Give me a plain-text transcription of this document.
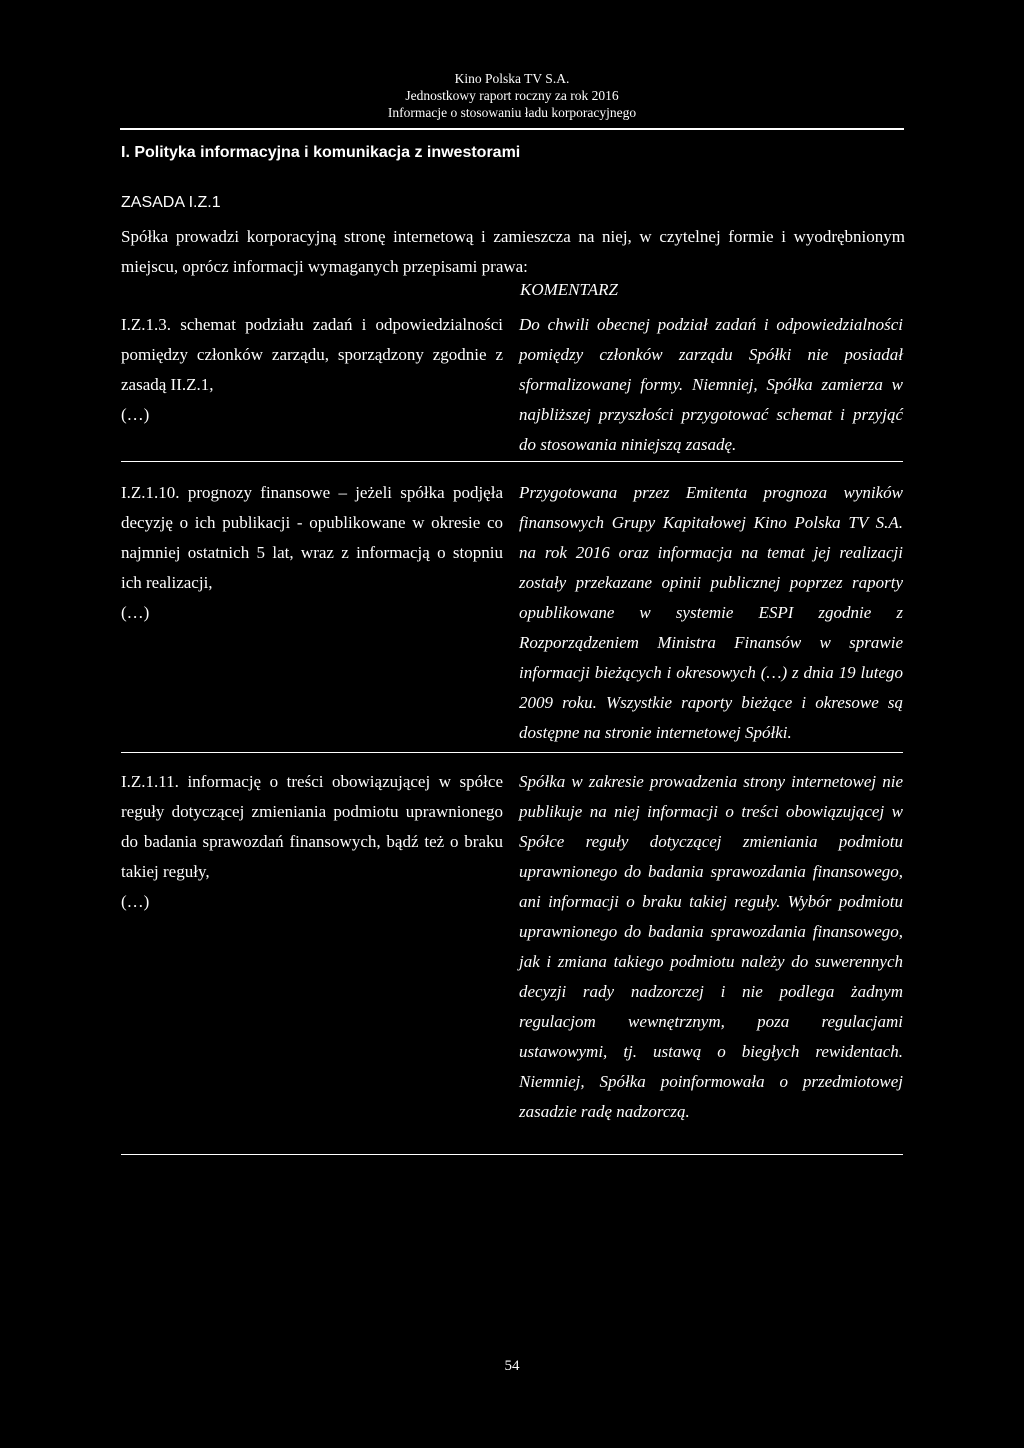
Kino Polska TV S.A.
Jednostkowy raport roczny za rok 2016
Informacje o stosowaniu ładu korporacyjnego
I. Polityka informacyjna i komunikacja z inwestorami
ZASADA I.Z.1
Spółka prowadzi korporacyjną stronę internetową i zamieszcza na niej, w czytelnej formie i wyodrębnionym miejscu, oprócz informacji wymaganych przepisami prawa:
KOMENTARZ
I.Z.1.3. schemat podziału zadań i odpowiedzialności pomiędzy członków zarządu, sporządzony zgodnie z zasadą II.Z.1,
(…)
Do chwili obecnej podział zadań i odpowiedzialności pomiędzy członków zarządu Spółki nie posiadał sformalizowanej formy. Niemniej, Spółka zamierza w najbliższej przyszłości przygotować schemat i przyjąć do stosowania niniejszą zasadę.
I.Z.1.10. prognozy finansowe – jeżeli spółka podjęła decyzję o ich publikacji - opublikowane w okresie co najmniej ostatnich 5 lat, wraz z informacją o stopniu ich realizacji,
(…)
Przygotowana przez Emitenta prognoza wyników finansowych Grupy Kapitałowej Kino Polska TV S.A. na rok 2016 oraz informacja na temat jej realizacji zostały przekazane opinii publicznej poprzez raporty opublikowane w systemie ESPI zgodnie z Rozporządzeniem Ministra Finansów w sprawie informacji bieżących i okresowych (…) z dnia 19 lutego 2009 roku. Wszystkie raporty bieżące i okresowe są dostępne na stronie internetowej Spółki.
I.Z.1.11. informację o treści obowiązującej w spółce reguły dotyczącej zmieniania podmiotu uprawnionego do badania sprawozdań finansowych, bądź też o braku takiej reguły,
(…)
Spółka w zakresie prowadzenia strony internetowej nie publikuje na niej informacji o treści obowiązującej w Spółce reguły dotyczącej zmieniania podmiotu uprawnionego do badania sprawozdania finansowego, ani informacji o braku takiej reguły. Wybór podmiotu uprawnionego do badania sprawozdania finansowego, jak i zmiana takiego podmiotu należy do suwerennych decyzji rady nadzorczej i nie podlega żadnym regulacjom wewnętrznym, poza regulacjami ustawowymi, tj. ustawą o biegłych rewidentach. Niemniej, Spółka poinformowała o przedmiotowej zasadzie radę nadzorczą.
54
